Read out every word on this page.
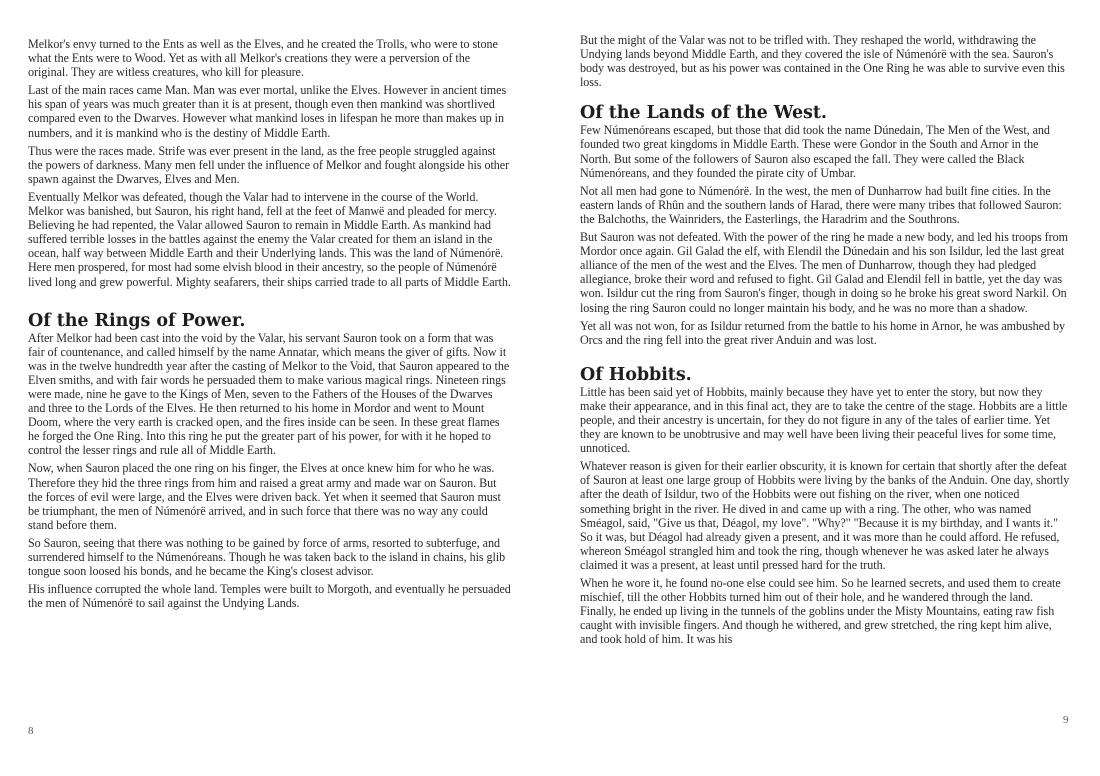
Melkor's envy turned to the Ents as well as the Elves, and he created the Trolls, who were to stone what the Ents were to Wood. Yet as with all Melkor's creations they were a perversion of the original. They are witless creatures, who kill for pleasure.

Last of the main races came Man. Man was ever mortal, unlike the Elves. However in ancient times his span of years was much greater than it is at present, though even then mankind was shortlived compared even to the Dwarves. However what mankind loses in lifespan he more than makes up in numbers, and it is mankind who is the destiny of Middle Earth.

Thus were the races made. Strife was ever present in the land, as the free people struggled against the powers of darkness. Many men fell under the influence of Melkor and fought alongside his other spawn against the Dwarves, Elves and Men.

Eventually Melkor was defeated, though the Valar had to intervene in the course of the World. Melkor was banished, but Sauron, his right hand, fell at the feet of Manwë and pleaded for mercy. Believing he had repented, the Valar allowed Sauron to remain in Middle Earth. As mankind had suffered terrible losses in the battles against the enemy the Valar created for them an island in the ocean, half way between Middle Earth and their Underlying lands. This was the land of Númenórë. Here men prospered, for most had some elvish blood in their ancestry, so the people of Númenórë lived long and grew powerful. Mighty seafarers, their ships carried trade to all parts of Middle Earth.

Of the Rings of Power.

After Melkor had been cast into the void by the Valar, his servant Sauron took on a form that was fair of countenance, and called himself by the name Annatar, which means the giver of gifts. Now it was in the twelve hundredth year after the casting of Melkor to the Void, that Sauron appeared to the Elven smiths, and with fair words he persuaded them to make various magical rings. Nineteen rings were made, nine he gave to the Kings of Men, seven to the Fathers of the Houses of the Dwarves and three to the Lords of the Elves. He then returned to his home in Mordor and went to Mount Doom, where the very earth is cracked open, and the fires inside can be seen. In these great flames he forged the One Ring. Into this ring he put the greater part of his power, for with it he hoped to control the lesser rings and rule all of Middle Earth.

Now, when Sauron placed the one ring on his finger, the Elves at once knew him for who he was. Therefore they hid the three rings from him and raised a great army and made war on Sauron. But the forces of evil were large, and the Elves were driven back. Yet when it seemed that Sauron must be triumphant, the men of Númenórë arrived, and in such force that there was no way any could stand before them.

So Sauron, seeing that there was nothing to be gained by force of arms, resorted to subterfuge, and surrendered himself to the Númenóreans. Though he was taken back to the island in chains, his glib tongue soon loosed his bonds, and he became the King's closest advisor.

His influence corrupted the whole land. Temples were built to Morgoth, and eventually he persuaded the men of Númenórë to sail against the Undying Lands.

8

But the might of the Valar was not to be trifled with. They reshaped the world, withdrawing the Undying lands beyond Middle Earth, and they covered the isle of Númenórë with the sea. Sauron's body was destroyed, but as his power was contained in the One Ring he was able to survive even this loss.

Of the Lands of the West.

Few Númenóreans escaped, but those that did took the name Dúnedain, The Men of the West, and founded two great kingdoms in Middle Earth. These were Gondor in the South and Arnor in the North. But some of the followers of Sauron also escaped the fall. They were called the Black Númenóreans, and they founded the pirate city of Umbar.

Not all men had gone to Númenórë. In the west, the men of Dunharrow had built fine cities. In the eastern lands of Rhûn and the southern lands of Harad, there were many tribes that followed Sauron: the Balchoths, the Wainriders, the Easterlings, the Haradrim and the Southrons.

But Sauron was not defeated. With the power of the ring he made a new body, and led his troops from Mordor once again. Gil Galad the elf, with Elendil the Dúnedain and his son Isildur, led the last great alliance of the men of the west and the Elves. The men of Dunharrow, though they had pledged allegiance, broke their word and refused to fight. Gil Galad and Elendil fell in battle, yet the day was won. Isildur cut the ring from Sauron's finger, though in doing so he broke his great sword Narkil. On losing the ring Sauron could no longer maintain his body, and he was no more than a shadow.

Yet all was not won, for as Isildur returned from the battle to his home in Arnor, he was ambushed by Orcs and the ring fell into the great river Anduin and was lost.

Of Hobbits.

Little has been said yet of Hobbits, mainly because they have yet to enter the story, but now they make their appearance, and in this final act, they are to take the centre of the stage. Hobbits are a little people, and their ancestry is uncertain, for they do not figure in any of the tales of earlier time. Yet they are known to be unobtrusive and may well have been living their peaceful lives for some time, unnoticed.

Whatever reason is given for their earlier obscurity, it is known for certain that shortly after the defeat of Sauron at least one large group of Hobbits were living by the banks of the Anduin. One day, shortly after the death of Isildur, two of the Hobbits were out fishing on the river, when one noticed something bright in the river. He dived in and came up with a ring. The other, who was named Sméagol, said, "Give us that, Déagol, my love". "Why?" "Because it is my birthday, and I wants it." So it was, but Déagol had already given a present, and it was more than he could afford. He refused, whereon Sméagol strangled him and took the ring, though whenever he was asked later he always claimed it was a present, at least until pressed hard for the truth.

When he wore it, he found no-one else could see him. So he learned secrets, and used them to create mischief, till the other Hobbits turned him out of their hole, and he wandered through the land. Finally, he ended up living in the tunnels of the goblins under the Misty Mountains, eating raw fish caught with invisible fingers. And though he withered, and grew stretched, the ring kept him alive, and took hold of him. It was his

9
